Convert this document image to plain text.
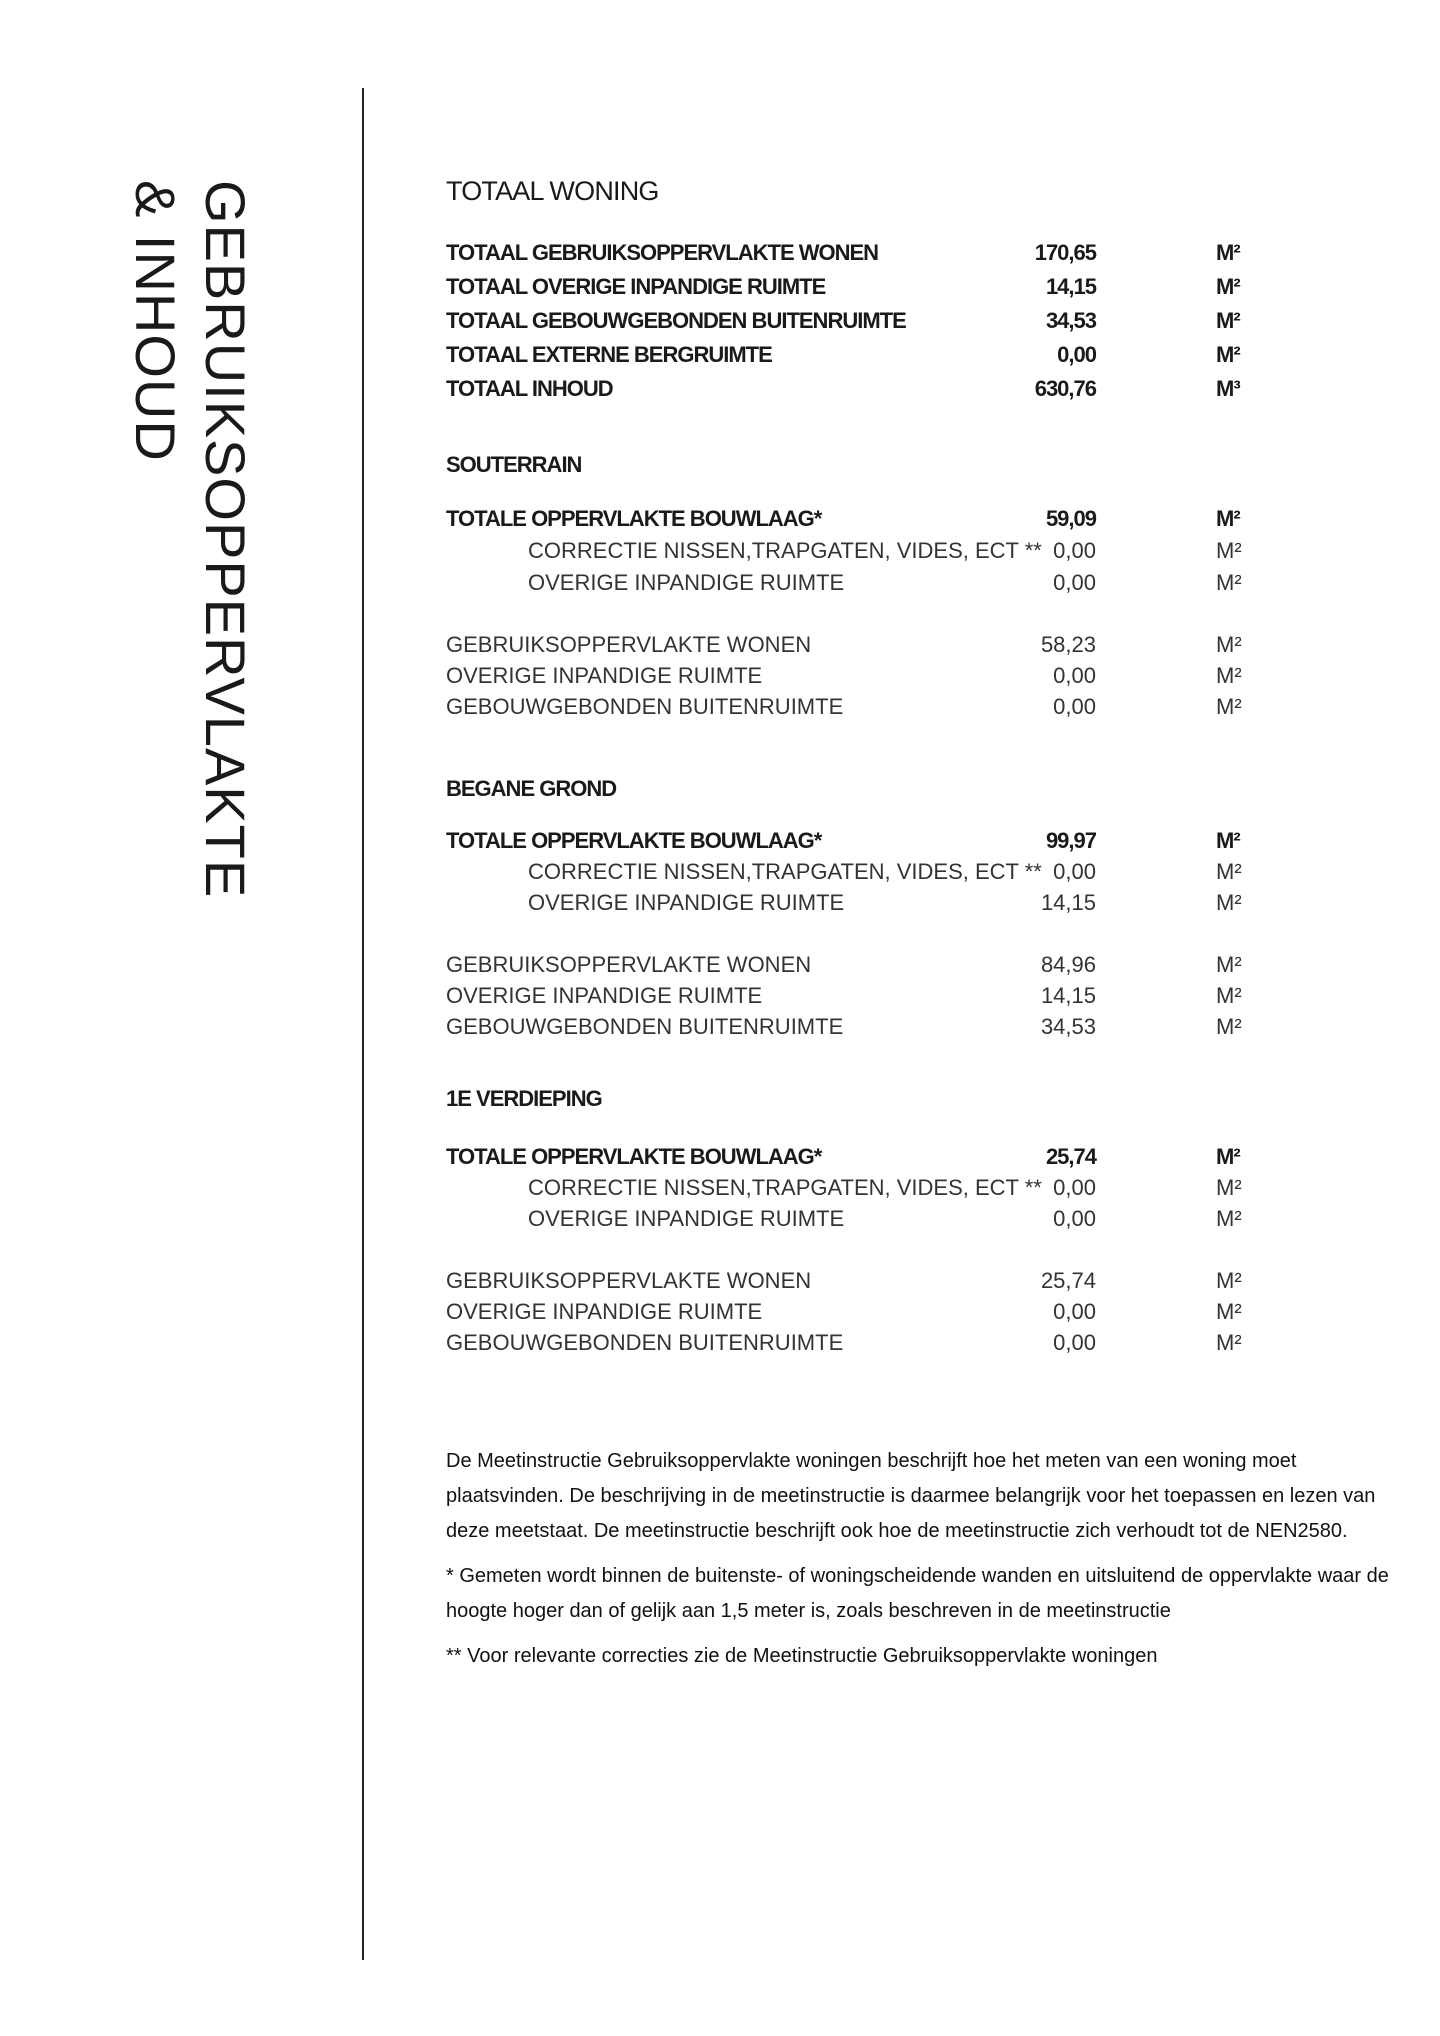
GEBRUIKSOPPERVLAKTE
& INHOUD	TOTAAL WONING
TOTAAL GEBRUIKSOPPERVLAKTE WONEN	170,65	M²
TOTAAL OVERIGE INPANDIGE RUIMTE	14,15	M²
TOTAAL GEBOUWGEBONDEN BUITENRUIMTE	34,53	M²
TOTAAL EXTERNE BERGRUIMTE	0,00	M²
TOTAAL INHOUD	630,76	M³
SOUTERRAIN
TOTALE OPPERVLAKTE BOUWLAAG*	59,09	M²
CORRECTIE NISSEN,TRAPGATEN, VIDES, ECT ** 0,00	M²
OVERIGE INPANDIGE RUIMTE	0,00	M²
GEBRUIKSOPPERVLAKTE WONEN	58,23	M²
OVERIGE INPANDIGE RUIMTE	0,00	M²
GEBOUWGEBONDEN BUITENRUIMTE	0,00	M²
BEGANE GROND
TOTALE OPPERVLAKTE BOUWLAAG*	99,97	M²
CORRECTIE NISSEN,TRAPGATEN, VIDES, ECT ** 0,00	M²
OVERIGE INPANDIGE RUIMTE	14,15	M²
GEBRUIKSOPPERVLAKTE WONEN	84,96	M²
OVERIGE INPANDIGE RUIMTE	14,15	M²
GEBOUWGEBONDEN BUITENRUIMTE	34,53	M²
1E VERDIEPING
TOTALE OPPERVLAKTE BOUWLAAG*	25,74	M²
CORRECTIE NISSEN,TRAPGATEN, VIDES, ECT ** 0,00	M²
OVERIGE INPANDIGE RUIMTE	0,00	M²
GEBRUIKSOPPERVLAKTE WONEN	25,74	M²
OVERIGE INPANDIGE RUIMTE	0,00	M²
GEBOUWGEBONDEN BUITENRUIMTE	0,00	M²

De Meetinstructie Gebruiksoppervlakte woningen beschrijft hoe het meten van een woning moet plaatsvinden. De beschrijving in de meetinstructie is daarmee belangrijk voor het toepassen en lezen van deze meetstaat. De meetinstructie beschrijft ook hoe de meetinstructie zich verhoudt tot de NEN2580.

* Gemeten wordt binnen de buitenste- of woningscheidende wanden en uitsluitend de oppervlakte waar de hoogte hoger dan of gelijk aan 1,5 meter is, zoals beschreven in de meetinstructie

** Voor relevante correcties zie de Meetinstructie Gebruiksoppervlakte woningen
